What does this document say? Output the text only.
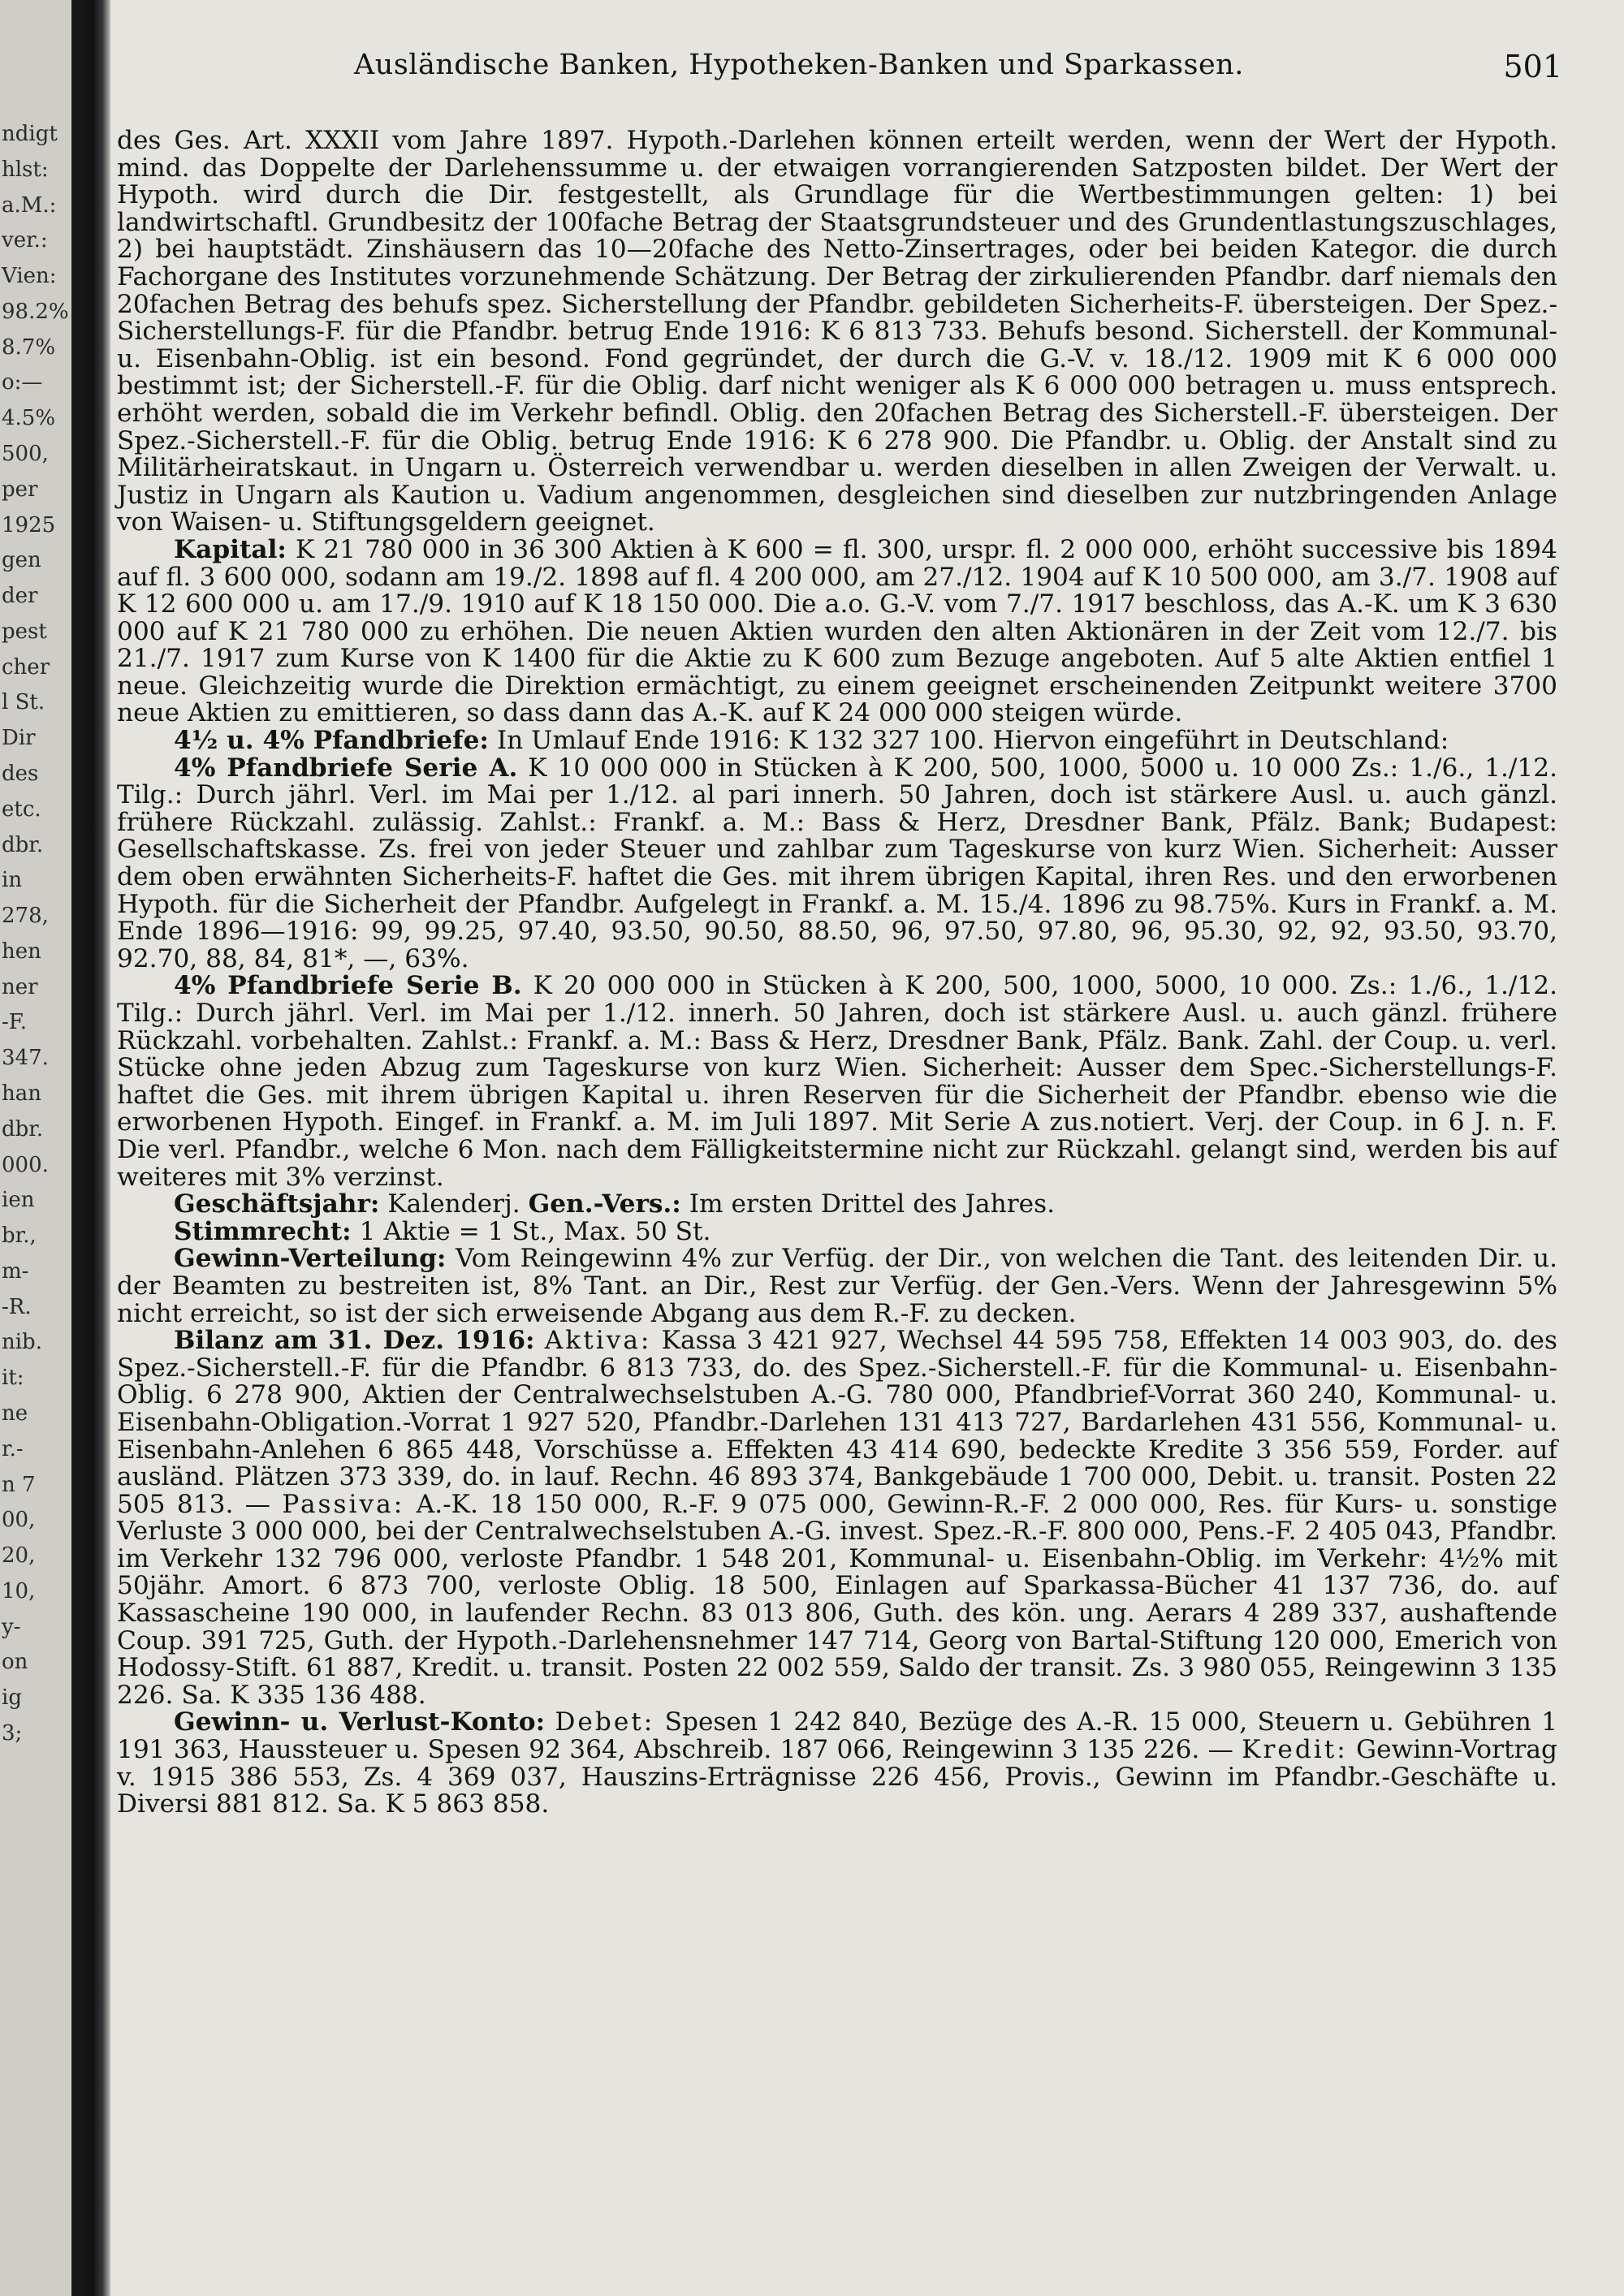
ndigt
hlst:
a.M.:
ver.:
Vien:
98.2%
8.7%
o:—
4.5%
500,
per
1925
gen
der
pest
cher
l St.
Dir
des
etc.
dbr.
in
278,
hen
ner
-F.
347.
han
dbr.
000.
ien
br.,
m-
-R.
nib.
it:
ne
r.-
n 7
00,
20,
10,
y-
on
ig
3;
Ausländische Banken, Hypotheken-Banken und Sparkassen.	501

des Ges. Art. XXXII vom Jahre 1897. Hypoth.-Darlehen können erteilt werden, wenn der Wert der Hypoth. mind. das Doppelte der Darlehenssumme u. der etwaigen vorrangierenden Satzposten bildet. Der Wert der Hypoth. wird durch die Dir. festgestellt, als Grundlage für die Wertbestimmungen gelten: 1) bei landwirtschaftl. Grundbesitz der 100fache Betrag der Staatsgrundsteuer und des Grundentlastungszuschlages, 2) bei hauptstädt. Zinshäusern das 10—20fache des Netto-Zinsertrages, oder bei beiden Kategor. die durch Fachorgane des Institutes vorzunehmende Schätzung. Der Betrag der zirkulierenden Pfandbr. darf niemals den 20fachen Betrag des behufs spez. Sicherstellung der Pfandbr. gebildeten Sicherheits-F. übersteigen. Der Spez.-Sicherstellungs-F. für die Pfandbr. betrug Ende 1916: K 6 813 733. Behufs besond. Sicherstell. der Kommunal- u. Eisenbahn-Oblig. ist ein besond. Fond gegründet, der durch die G.-V. v. 18./12. 1909 mit K 6 000 000 bestimmt ist; der Sicherstell.-F. für die Oblig. darf nicht weniger als K 6 000 000 betragen u. muss entsprech. erhöht werden, sobald die im Verkehr befindl. Oblig. den 20fachen Betrag des Sicherstell.-F. übersteigen. Der Spez.-Sicherstell.-F. für die Oblig. betrug Ende 1916: K 6 278 900. Die Pfandbr. u. Oblig. der Anstalt sind zu Militärheiratskaut. in Ungarn u. Österreich verwendbar u. werden dieselben in allen Zweigen der Verwalt. u. Justiz in Ungarn als Kaution u. Vadium angenommen, desgleichen sind dieselben zur nutzbringenden Anlage von Waisen- u. Stiftungsgeldern geeignet.

Kapital: K 21 780 000 in 36 300 Aktien à K 600 = fl. 300, urspr. fl. 2 000 000, erhöht successive bis 1894 auf fl. 3 600 000, sodann am 19./2. 1898 auf fl. 4 200 000, am 27./12. 1904 auf K 10 500 000, am 3./7. 1908 auf K 12 600 000 u. am 17./9. 1910 auf K 18 150 000. Die a.o. G.-V. vom 7./7. 1917 beschloss, das A.-K. um K 3 630 000 auf K 21 780 000 zu erhöhen. Die neuen Aktien wurden den alten Aktionären in der Zeit vom 12./7. bis 21./7. 1917 zum Kurse von K 1400 für die Aktie zu K 600 zum Bezuge angeboten. Auf 5 alte Aktien entfiel 1 neue. Gleichzeitig wurde die Direktion ermächtigt, zu einem geeignet erscheinenden Zeitpunkt weitere 3700 neue Aktien zu emittieren, so dass dann das A.-K. auf K 24 000 000 steigen würde.

4½ u. 4% Pfandbriefe: In Umlauf Ende 1916: K 132 327 100. Hiervon eingeführt in Deutschland:

4% Pfandbriefe Serie A. K 10 000 000 in Stücken à K 200, 500, 1000, 5000 u. 10 000 Zs.: 1./6., 1./12. Tilg.: Durch jährl. Verl. im Mai per 1./12. al pari innerh. 50 Jahren, doch ist stärkere Ausl. u. auch gänzl. frühere Rückzahl. zulässig. Zahlst.: Frankf. a. M.: Bass & Herz, Dresdner Bank, Pfälz. Bank; Budapest: Gesellschaftskasse. Zs. frei von jeder Steuer und zahlbar zum Tageskurse von kurz Wien. Sicherheit: Ausser dem oben erwähnten Sicherheits-F. haftet die Ges. mit ihrem übrigen Kapital, ihren Res. und den erworbenen Hypoth. für die Sicherheit der Pfandbr. Aufgelegt in Frankf. a. M. 15./4. 1896 zu 98.75%. Kurs in Frankf. a. M. Ende 1896—1916: 99, 99.25, 97.40, 93.50, 90.50, 88.50, 96, 97.50, 97.80, 96, 95.30, 92, 92, 93.50, 93.70, 92.70, 88, 84, 81*, —, 63%.

4% Pfandbriefe Serie B. K 20 000 000 in Stücken à K 200, 500, 1000, 5000, 10 000. Zs.: 1./6., 1./12. Tilg.: Durch jährl. Verl. im Mai per 1./12. innerh. 50 Jahren, doch ist stärkere Ausl. u. auch gänzl. frühere Rückzahl. vorbehalten. Zahlst.: Frankf. a. M.: Bass & Herz, Dresdner Bank, Pfälz. Bank. Zahl. der Coup. u. verl. Stücke ohne jeden Abzug zum Tageskurse von kurz Wien. Sicherheit: Ausser dem Spec.-Sicherstellungs-F. haftet die Ges. mit ihrem übrigen Kapital u. ihren Reserven für die Sicherheit der Pfandbr. ebenso wie die erworbenen Hypoth. Eingef. in Frankf. a. M. im Juli 1897. Mit Serie A zus.notiert. Verj. der Coup. in 6 J. n. F. Die verl. Pfandbr., welche 6 Mon. nach dem Fälligkeitstermine nicht zur Rückzahl. gelangt sind, werden bis auf weiteres mit 3% verzinst.

Geschäftsjahr: Kalenderj. Gen.-Vers.: Im ersten Drittel des Jahres.

Stimmrecht: 1 Aktie = 1 St., Max. 50 St.

Gewinn-Verteilung: Vom Reingewinn 4% zur Verfüg. der Dir., von welchen die Tant. des leitenden Dir. u. der Beamten zu bestreiten ist, 8% Tant. an Dir., Rest zur Verfüg. der Gen.-Vers. Wenn der Jahresgewinn 5% nicht erreicht, so ist der sich erweisende Abgang aus dem R.-F. zu decken.

Bilanz am 31. Dez. 1916: Aktiva: Kassa 3 421 927, Wechsel 44 595 758, Effekten 14 003 903, do. des Spez.-Sicherstell.-F. für die Pfandbr. 6 813 733, do. des Spez.-Sicherstell.-F. für die Kommunal- u. Eisenbahn-Oblig. 6 278 900, Aktien der Centralwechselstuben A.-G. 780 000, Pfandbrief-Vorrat 360 240, Kommunal- u. Eisenbahn-Obligation.-Vorrat 1 927 520, Pfandbr.-Darlehen 131 413 727, Bardarlehen 431 556, Kommunal- u. Eisenbahn-Anlehen 6 865 448, Vorschüsse a. Effekten 43 414 690, bedeckte Kredite 3 356 559, Forder. auf ausländ. Plätzen 373 339, do. in lauf. Rechn. 46 893 374, Bankgebäude 1 700 000, Debit. u. transit. Posten 22 505 813. — Passiva: A.-K. 18 150 000, R.-F. 9 075 000, Gewinn-R.-F. 2 000 000, Res. für Kurs- u. sonstige Verluste 3 000 000, bei der Centralwechselstuben A.-G. invest. Spez.-R.-F. 800 000, Pens.-F. 2 405 043, Pfandbr. im Verkehr 132 796 000, verloste Pfandbr. 1 548 201, Kommunal- u. Eisenbahn-Oblig. im Verkehr: 4½% mit 50jähr. Amort. 6 873 700, verloste Oblig. 18 500, Einlagen auf Sparkassa-Bücher 41 137 736, do. auf Kassascheine 190 000, in laufender Rechn. 83 013 806, Guth. des kön. ung. Aerars 4 289 337, aushaftende Coup. 391 725, Guth. der Hypoth.-Darlehensnehmer 147 714, Georg von Bartal-Stiftung 120 000, Emerich von Hodossy-Stift. 61 887, Kredit. u. transit. Posten 22 002 559, Saldo der transit. Zs. 3 980 055, Reingewinn 3 135 226. Sa. K 335 136 488.

Gewinn- u. Verlust-Konto: Debet: Spesen 1 242 840, Bezüge des A.-R. 15 000, Steuern u. Gebühren 1 191 363, Haussteuer u. Spesen 92 364, Abschreib. 187 066, Reingewinn 3 135 226. — Kredit: Gewinn-Vortrag v. 1915 386 553, Zs. 4 369 037, Hauszins-Erträgnisse 226 456, Provis., Gewinn im Pfandbr.-Geschäfte u. Diversi 881 812. Sa. K 5 863 858.
